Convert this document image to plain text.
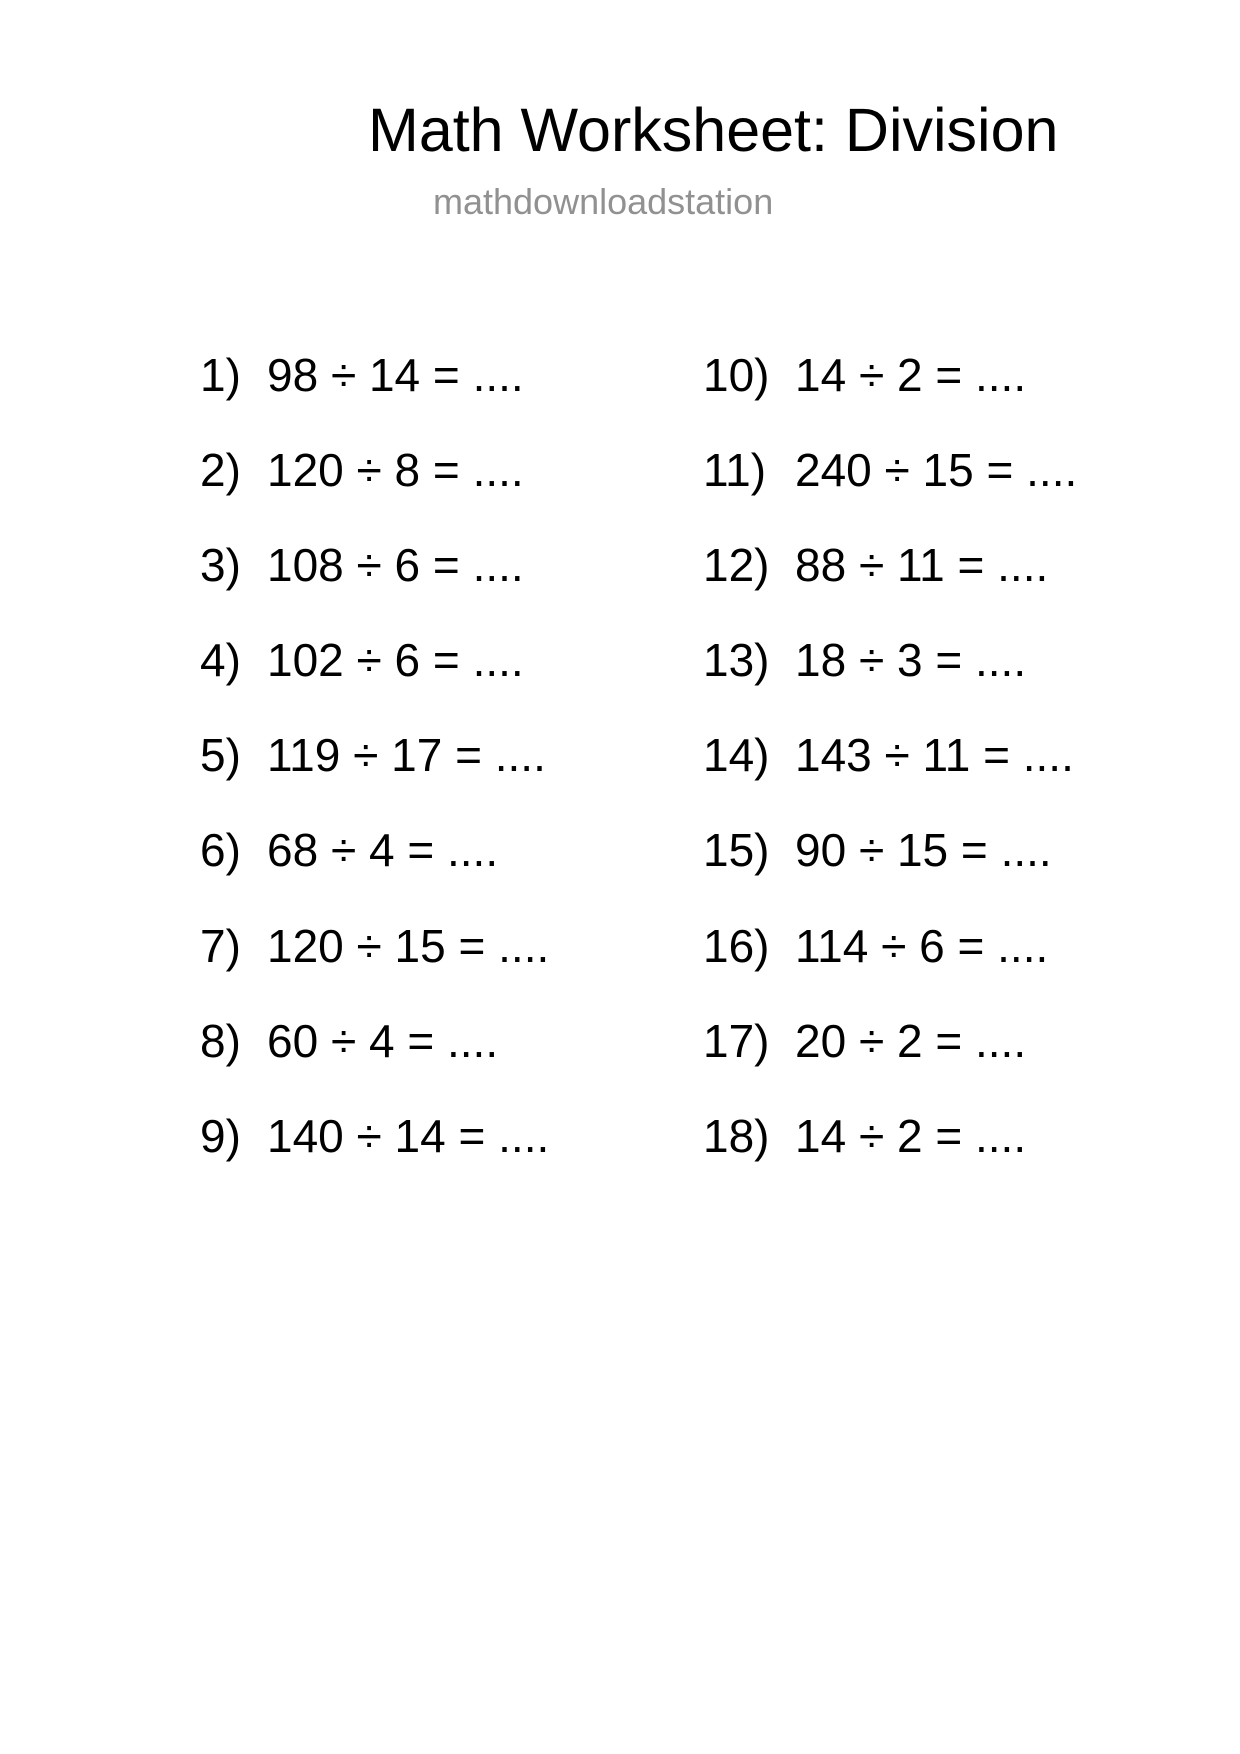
Math Worksheet: Division
mathdownloadstation
1) 98 ÷ 14 = ....
2) 120 ÷ 8 = ....
3) 108 ÷ 6 = ....
4) 102 ÷ 6 = ....
5) 119 ÷ 17 = ....
6) 68 ÷ 4 = ....
7) 120 ÷ 15 = ....
8) 60 ÷ 4 = ....
9) 140 ÷ 14 = ....
10) 14 ÷ 2 = ....
11) 240 ÷ 15 = ....
12) 88 ÷ 11 = ....
13) 18 ÷ 3 = ....
14) 143 ÷ 11 = ....
15) 90 ÷ 15 = ....
16) 114 ÷ 6 = ....
17) 20 ÷ 2 = ....
18) 14 ÷ 2 = ....
